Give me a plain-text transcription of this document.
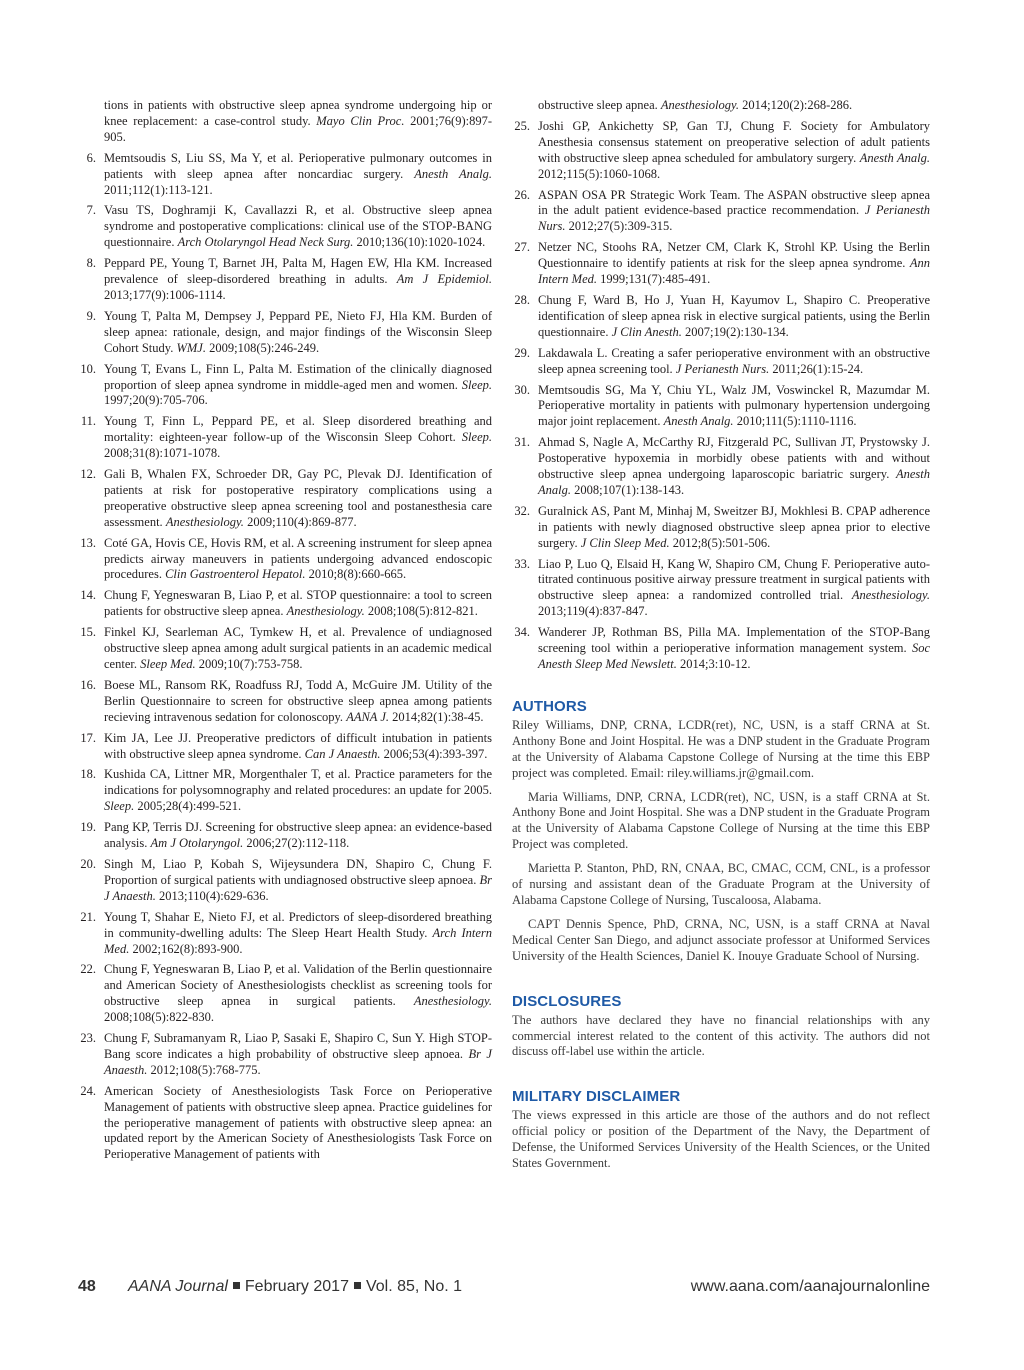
tions in patients with obstructive sleep apnea syndrome undergoing hip or knee replacement: a case-control study. Mayo Clin Proc. 2001;76(9):897-905.
6. Memtsoudis S, Liu SS, Ma Y, et al. Perioperative pulmonary outcomes in patients with sleep apnea after noncardiac surgery. Anesth Analg. 2011;112(1):113-121.
7. Vasu TS, Doghramji K, Cavallazzi R, et al. Obstructive sleep apnea syndrome and postoperative complications: clinical use of the STOP-BANG questionnaire. Arch Otolaryngol Head Neck Surg. 2010;136(10):1020-1024.
8. Peppard PE, Young T, Barnet JH, Palta M, Hagen EW, Hla KM. Increased prevalence of sleep-disordered breathing in adults. Am J Epidemiol. 2013;177(9):1006-1114.
9. Young T, Palta M, Dempsey J, Peppard PE, Nieto FJ, Hla KM. Burden of sleep apnea: rationale, design, and major findings of the Wisconsin Sleep Cohort Study. WMJ. 2009;108(5):246-249.
10. Young T, Evans L, Finn L, Palta M. Estimation of the clinically diagnosed proportion of sleep apnea syndrome in middle-aged men and women. Sleep. 1997;20(9):705-706.
11. Young T, Finn L, Peppard PE, et al. Sleep disordered breathing and mortality: eighteen-year follow-up of the Wisconsin Sleep Cohort. Sleep. 2008;31(8):1071-1078.
12. Gali B, Whalen FX, Schroeder DR, Gay PC, Plevak DJ. Identification of patients at risk for postoperative respiratory complications using a preoperative obstructive sleep apnea screening tool and postanesthesia care assessment. Anesthesiology. 2009;110(4):869-877.
13. Coté GA, Hovis CE, Hovis RM, et al. A screening instrument for sleep apnea predicts airway maneuvers in patients undergoing advanced endoscopic procedures. Clin Gastroenterol Hepatol. 2010;8(8):660-665.
14. Chung F, Yegneswaran B, Liao P, et al. STOP questionnaire: a tool to screen patients for obstructive sleep apnea. Anesthesiology. 2008;108(5):812-821.
15. Finkel KJ, Searleman AC, Tymkew H, et al. Prevalence of undiagnosed obstructive sleep apnea among adult surgical patients in an academic medical center. Sleep Med. 2009;10(7):753-758.
16. Boese ML, Ransom RK, Roadfuss RJ, Todd A, McGuire JM. Utility of the Berlin Questionnaire to screen for obstructive sleep apnea among patients recieving intravenous sedation for colonoscopy. AANA J. 2014;82(1):38-45.
17. Kim JA, Lee JJ. Preoperative predictors of difficult intubation in patients with obstructive sleep apnea syndrome. Can J Anaesth. 2006;53(4):393-397.
18. Kushida CA, Littner MR, Morgenthaler T, et al. Practice parameters for the indications for polysomnography and related procedures: an update for 2005. Sleep. 2005;28(4):499-521.
19. Pang KP, Terris DJ. Screening for obstructive sleep apnea: an evidence-based analysis. Am J Otolaryngol. 2006;27(2):112-118.
20. Singh M, Liao P, Kobah S, Wijeysundera DN, Shapiro C, Chung F. Proportion of surgical patients with undiagnosed obstructive sleep apnoea. Br J Anaesth. 2013;110(4):629-636.
21. Young T, Shahar E, Nieto FJ, et al. Predictors of sleep-disordered breathing in community-dwelling adults: The Sleep Heart Health Study. Arch Intern Med. 2002;162(8):893-900.
22. Chung F, Yegneswaran B, Liao P, et al. Validation of the Berlin questionnaire and American Society of Anesthesiologists checklist as screening tools for obstructive sleep apnea in surgical patients. Anesthesiology. 2008;108(5):822-830.
23. Chung F, Subramanyam R, Liao P, Sasaki E, Shapiro C, Sun Y. High STOP-Bang score indicates a high probability of obstructive sleep apnoea. Br J Anaesth. 2012;108(5):768-775.
24. American Society of Anesthesiologists Task Force on Perioperative Management of patients with obstructive sleep apnea. Practice guidelines for the perioperative management of patients with obstructive sleep apnea: an updated report by the American Society of Anesthesiologists Task Force on Perioperative Management of patients with
obstructive sleep apnea. Anesthesiology. 2014;120(2):268-286.
25. Joshi GP, Ankichetty SP, Gan TJ, Chung F. Society for Ambulatory Anesthesia consensus statement on preoperative selection of adult patients with obstructive sleep apnea scheduled for ambulatory surgery. Anesth Analg. 2012;115(5):1060-1068.
26. ASPAN OSA PR Strategic Work Team. The ASPAN obstructive sleep apnea in the adult patient evidence-based practice recommendation. J Perianesth Nurs. 2012;27(5):309-315.
27. Netzer NC, Stoohs RA, Netzer CM, Clark K, Strohl KP. Using the Berlin Questionnaire to identify patients at risk for the sleep apnea syndrome. Ann Intern Med. 1999;131(7):485-491.
28. Chung F, Ward B, Ho J, Yuan H, Kayumov L, Shapiro C. Preoperative identification of sleep apnea risk in elective surgical patients, using the Berlin questionnaire. J Clin Anesth. 2007;19(2):130-134.
29. Lakdawala L. Creating a safer perioperative environment with an obstructive sleep apnea screening tool. J Perianesth Nurs. 2011;26(1):15-24.
30. Memtsoudis SG, Ma Y, Chiu YL, Walz JM, Voswinckel R, Mazumdar M. Perioperative mortality in patients with pulmonary hypertension undergoing major joint replacement. Anesth Analg. 2010;111(5):1110-1116.
31. Ahmad S, Nagle A, McCarthy RJ, Fitzgerald PC, Sullivan JT, Prystowsky J. Postoperative hypoxemia in morbidly obese patients with and without obstructive sleep apnea undergoing laparoscopic bariatric surgery. Anesth Analg. 2008;107(1):138-143.
32. Guralnick AS, Pant M, Minhaj M, Sweitzer BJ, Mokhlesi B. CPAP adherence in patients with newly diagnosed obstructive sleep apnea prior to elective surgery. J Clin Sleep Med. 2012;8(5):501-506.
33. Liao P, Luo Q, Elsaid H, Kang W, Shapiro CM, Chung F. Perioperative auto-titrated continuous positive airway pressure treatment in surgical patients with obstructive sleep apnea: a randomized controlled trial. Anesthesiology. 2013;119(4):837-847.
34. Wanderer JP, Rothman BS, Pilla MA. Implementation of the STOP-Bang screening tool within a perioperative information management system. Soc Anesth Sleep Med Newslett. 2014;3:10-12.
AUTHORS

Riley Williams, DNP, CRNA, LCDR(ret), NC, USN, is a staff CRNA at St. Anthony Bone and Joint Hospital. He was a DNP student in the Graduate Program at the University of Alabama Capstone College of Nursing at the time this EBP project was completed. Email: riley.williams.jr@gmail.com.

Maria Williams, DNP, CRNA, LCDR(ret), NC, USN, is a staff CRNA at St. Anthony Bone and Joint Hospital. She was a DNP student in the Graduate Program at the University of Alabama Capstone College of Nursing at the time this EBP Project was completed.

Marietta P. Stanton, PhD, RN, CNAA, BC, CMAC, CCM, CNL, is a professor of nursing and assistant dean of the Graduate Program at the University of Alabama Capstone College of Nursing, Tuscaloosa, Alabama.

CAPT Dennis Spence, PhD, CRNA, NC, USN, is a staff CRNA at Naval Medical Center San Diego, and adjunct associate professor at Uniformed Services University of the Health Sciences, Daniel K. Inouye Graduate School of Nursing.

DISCLOSURES

The authors have declared they have no financial relationships with any commercial interest related to the content of this activity. The authors did not discuss off-label use within the article.

MILITARY DISCLAIMER

The views expressed in this article are those of the authors and do not reflect official policy or position of the Department of the Navy, the Department of Defense, the Uniformed Services University of the Health Sciences, or the United States Government.

48 AANA Journal February 2017 Vol. 85, No. 1	www.aana.com/aanajournalonline
